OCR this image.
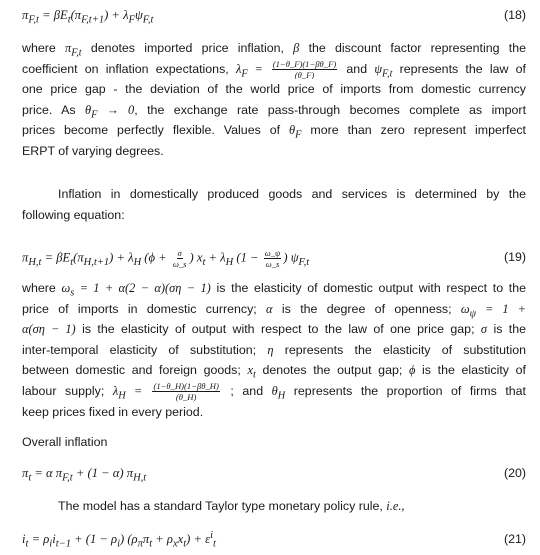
$\pi_{F,t} = \beta E_t(\pi_{F,t+1}) + \lambda_F\psi_{F,t}$	(18)
where $\pi_{F,t}$ denotes imported price inflation, β the discount factor representing the
coefficient on inflation expectations, $\lambda_F = \frac{(1-\theta\_F)(1-\beta\theta\_F)}{(\theta\_F)}$ and $\psi_{F,t}$ represents the law of
one price gap - the deviation of the world price of imports from domestic currency
price. As $\theta_F \to 0$, the exchange rate pass-through becomes complete as import
prices become perfectly flexible. Values of $\theta_F$ more than zero represent imperfect
ERPT of varying degrees.
Inflation in domestically produced goods and services is determined by the
following equation:
$\pi_{H,t} = \beta E_t(\pi_{H,t+1}) + \lambda_H$ ($\phi + \frac{\sigma}{\omega\_s}$ ) $x_t + \lambda_H$ ($1 - \frac{\omega\_\psi}{\omega\_s}$ ) $\psi_{F,t}$	(19)
where $\omega_s = 1 + \alpha(2 - \alpha)(\sigma\eta - 1)$ is the elasticity of domestic output with respect to the
price of imports in domestic currency; α is the degree of openness; $\omega_\psi = 1$ +
α(ση − 1) is the elasticity of output with respect to the law of one price gap; σ is the
inter-temporal elasticity of substitution; η represents the elasticity of substitution
between domestic and foreign goods; $x_t$ denotes the output gap; ϕ is the elasticity of
labour supply; $\lambda_H = \frac{(1-\theta\_H)(1-\beta\theta\_H)}{(\theta\_H)}$ ; and $\theta_H$ represents the proportion of firms that
keep prices fixed in every period.
Overall inflation
$\pi_t = \alpha$ $\pi_{F,t} + (1 - \alpha)$ $\pi_{H,t}$	(20)
The model has a standard Taylor type monetary policy rule, i.e.,
$i_t = \rho_ii_{t-1} + (1 - \rho_i) (\rho_\pi\pi_t + \rho_xx_t) + \varepsilon^i_t$	(21)
